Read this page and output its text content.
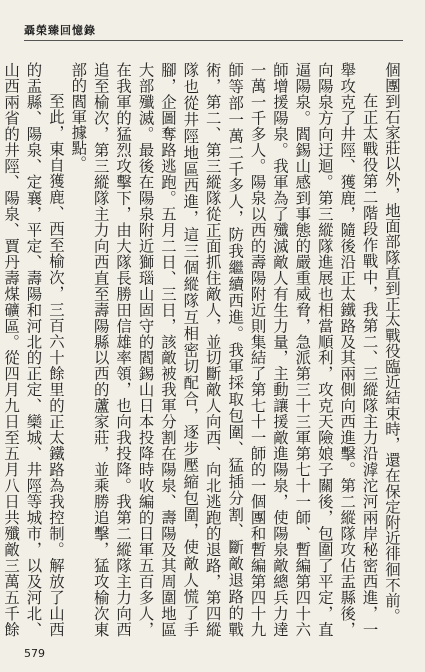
聶榮臻回憶錄

個團到石家莊以外，地面部隊直到正太戰役臨近結束時，還在保定附近徘徊不前。

在正太戰役第二階段作戰中，我第二、三縱隊主力沿滹沱河兩岸秘密西進，一舉攻克了井陘、獲鹿，隨後沿正太鐵路及其兩側向西進擊。第二縱隊攻佔盂縣後，向陽泉方向迂迴。第三縱隊進展也相當順利，攻克天險娘子關後，包圍了平定，直逼陽泉。閻錫山感到事態的嚴重威脅，急派第三十三軍第七十一師、暫編第四十六師增援陽泉。我軍為了殲滅敵人有生力量，主動讓援敵進陽泉，使陽泉敵總兵力達一萬一千多人。陽泉以西的壽陽附近則集結了第七十一師的一個團和暫編第四十九師等部一萬二千多人，防我繼續西進。我軍採取包圍、猛插分割、斷敵退路的戰術，第二、第三縱隊從正面抓住敵人，並切斷敵人向西、向北逃跑的退路，第四縱隊也從井陘地區西進，這三個縱隊互相密切配合，逐步壓縮包圍，使敵人慌了手腳，企圖奪路逃跑。五月二日、三日，該敵被我軍分割在陽泉、壽陽及其周圍地區大部殲滅。最後在陽泉附近獅瑙山固守的閻錫山日本投降時收編的日軍五百多人，在我軍的猛烈攻擊下，由大隊長勝田信雄率領，也向我投降。我第二縱隊主力向西追至榆次，第三縱隊主力向西直至壽陽縣以西的蘆家莊，並乘勝追擊，猛攻榆次東部的閻軍據點。

至此，東自獲鹿、西至榆次，三百六十餘里的正太鐵路為我控制。解放了山西的盂縣、陽泉、定襄，平定、壽陽和河北的正定、欒城、井陘等城市，以及河北、山西兩省的井陘、陽泉、賈丹壽煤礦區。從四月九日至五月八日共殲敵三萬五千餘

579
